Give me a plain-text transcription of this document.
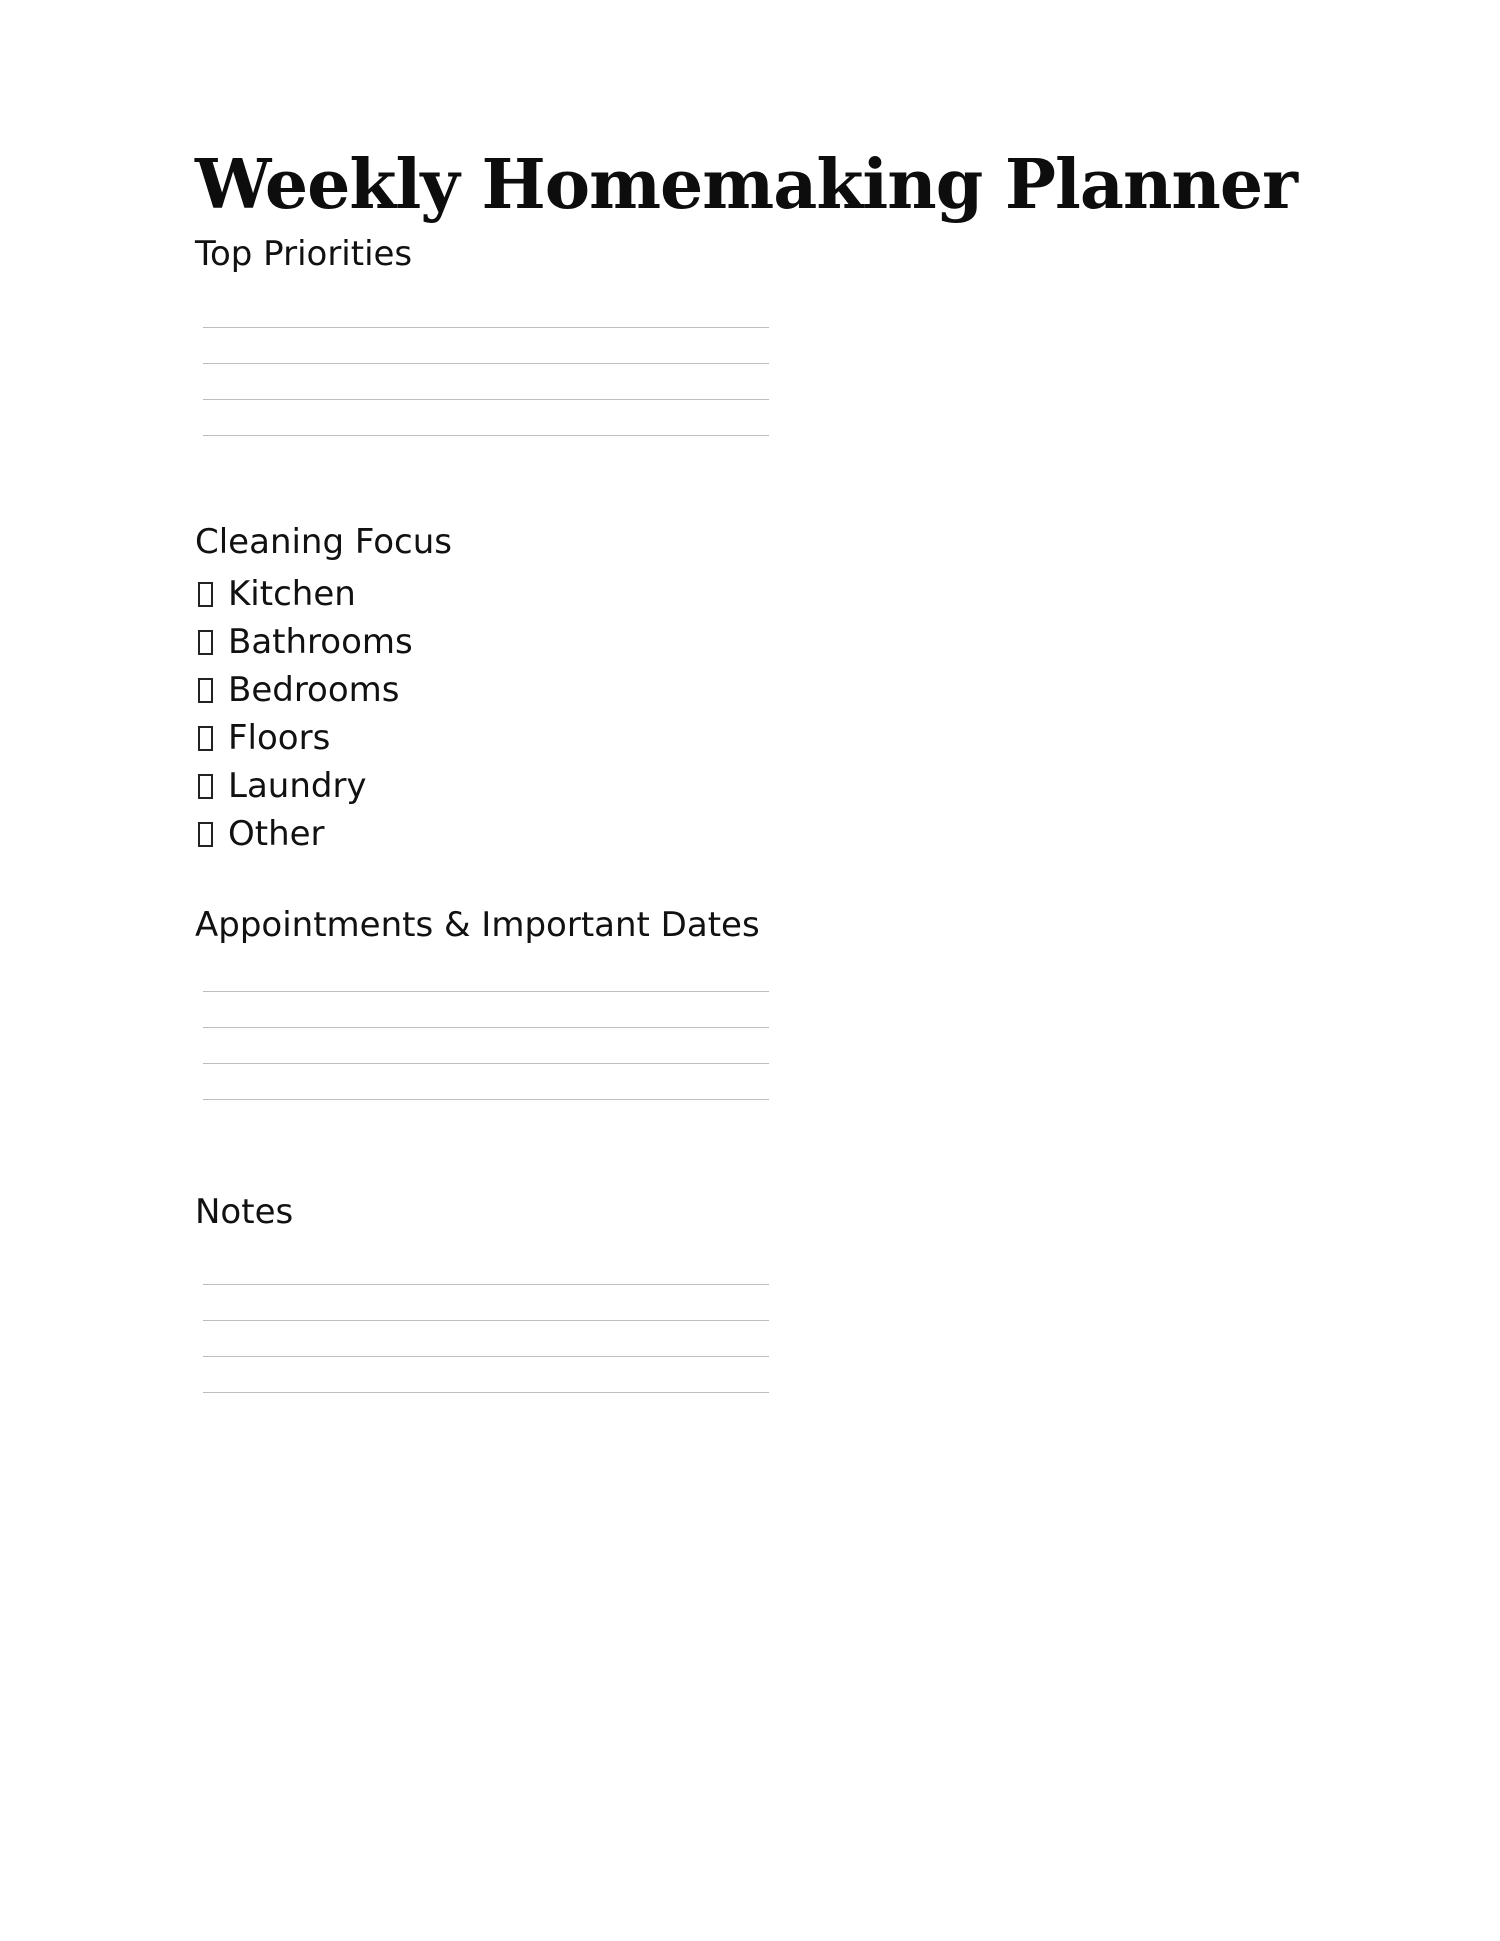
Weekly Homemaking Planner
Top Priorities
Cleaning Focus
Kitchen
Bathrooms
Bedrooms
Floors
Laundry
Other
Appointments & Important Dates
Notes
